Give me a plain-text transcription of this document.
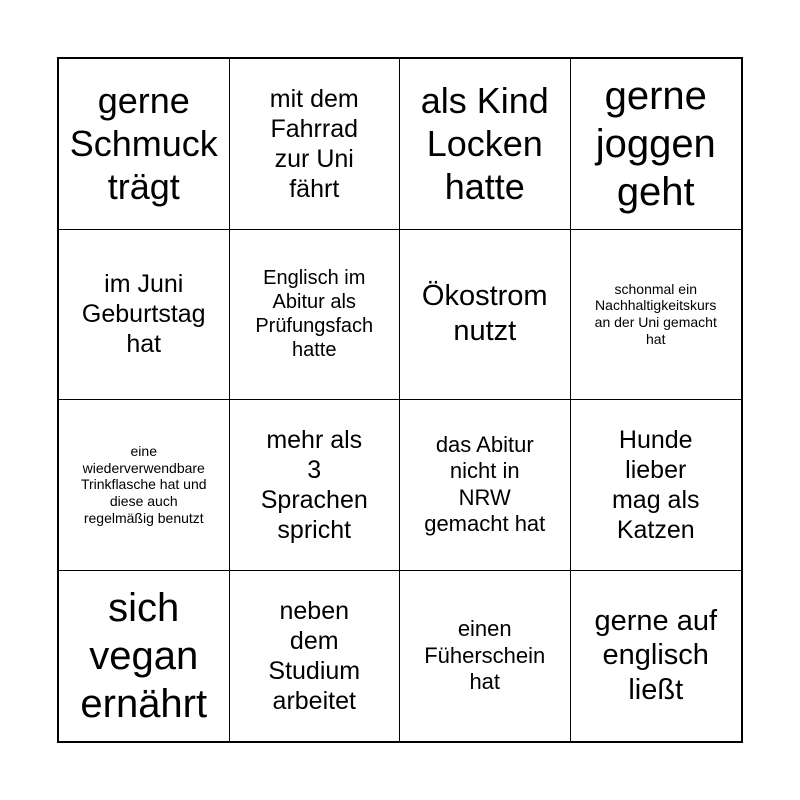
gerne
Schmuck
trägt
mit dem
Fahrrad
zur Uni
fährt
als Kind
Locken
hatte
gerne
joggen
geht
im Juni
Geburtstag
hat
Englisch im
Abitur als
Prüfungsfach
hatte
Ökostrom
nutzt
schonmal ein
Nachhaltigkeitskurs
an der Uni gemacht
hat
eine
wiederverwendbare
Trinkflasche hat und
diese auch
regelmäßig benutzt
mehr als
3
Sprachen
spricht
das Abitur
nicht in
NRW
gemacht hat
Hunde
lieber
mag als
Katzen
sich
vegan
ernährt
neben
dem
Studium
arbeitet
einen
Füherschein
hat
gerne auf
englisch
ließt
